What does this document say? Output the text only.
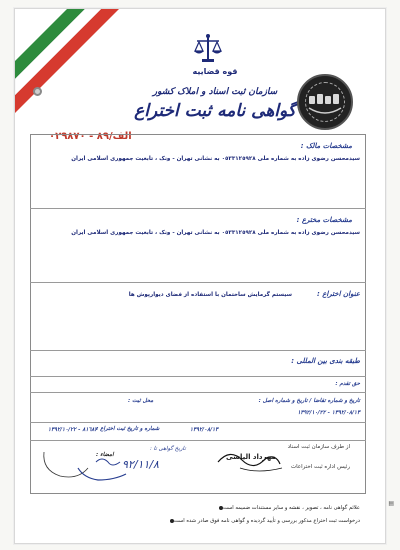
قوه قضاییه
سازمان ثبت اسناد و املاک کشور
گواهی نامه ثبت اختراع
الف/٨٩ - ٠٢٩٨٧٠
مشخصات مالک :
سیدمحسن رضوی زاده به شماره ملی ٠٥٣٣١٢٥٩٢٨ به نشانی تهران - ونک ، تابعیت جمهوری اسلامی ایران
مشخصات مخترع :
سیدمحسن رضوی زاده به شماره ملی ٠٥٣٣١٢٥٩٢٨ به نشانی تهران - ونک ، تابعیت جمهوری اسلامی ایران
عنوان اختراع :
سیستم گرمایش ساختمان با استفاده از فضای دیوارپوش ها
طبقه بندی بین المللی :
حق تقدم :
تاریخ و شماره تقاضا / تاریخ و شماره اصل :
١٣٩٢/٠٨/١٣ - ١٣٩٢/١٠/٢٢
محل ثبت :
شماره و تاریخ ثبت اختراع :
٨١٦٨٢ - ١٣٩٢/١٠/٢٢	١٣٩٢/٠٨/١٣
از طرف سازمان ثبت اسناد
مهرداد الیاسی
رئیس اداره ثبت اختراعات
تاریخ گواهی تا :
٩٢/١١/٨
امضاء :
علائم گواهی نامه ، تصویر ، نقشه و سایر مستندات ضمیمه است
درخواست ثبت اختراع مذکور بررسی و تأیید گردیده و گواهی نامه فوق صادر شده است
▤
